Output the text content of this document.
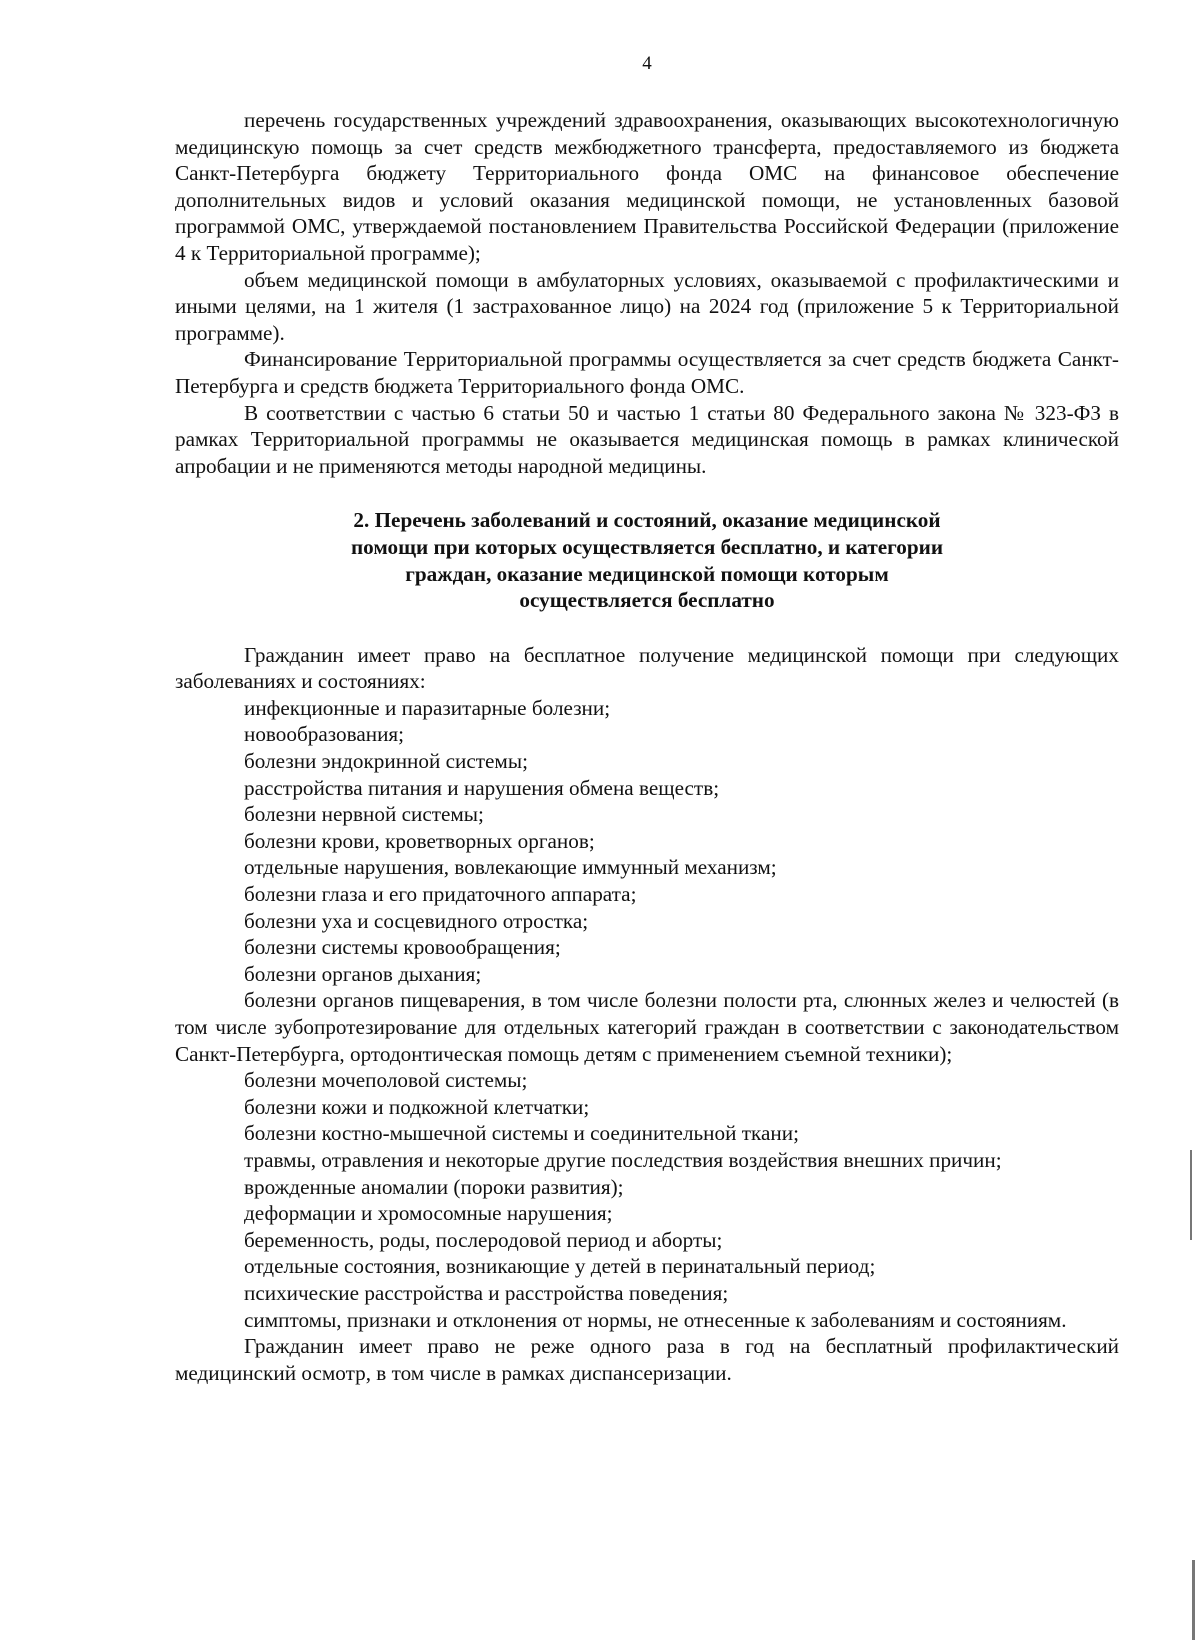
4

перечень государственных учреждений здравоохранения, оказывающих высокотехнологичную медицинскую помощь за счет средств межбюджетного трансферта, предоставляемого из бюджета Санкт-Петербурга бюджету Территориального фонда ОМС на финансовое обеспечение дополнительных видов и условий оказания медицинской помощи, не установленных базовой программой ОМС, утверждаемой постановлением Правительства Российской Федерации (приложение 4 к Территориальной программе);

объем медицинской помощи в амбулаторных условиях, оказываемой с профилактическими и иными целями, на 1 жителя (1 застрахованное лицо) на 2024 год (приложение 5 к Территориальной программе).

Финансирование Территориальной программы осуществляется за счет средств бюджета Санкт-Петербурга и средств бюджета Территориального фонда ОМС.

В соответствии с частью 6 статьи 50 и частью 1 статьи 80 Федерального закона № 323-ФЗ в рамках Территориальной программы не оказывается медицинская помощь в рамках клинической апробации и не применяются методы народной медицины.

2. Перечень заболеваний и состояний, оказание медицинской
помощи при которых осуществляется бесплатно, и категории
граждан, оказание медицинской помощи которым
осуществляется бесплатно

Гражданин имеет право на бесплатное получение медицинской помощи при следующих заболеваниях и состояниях:

инфекционные и паразитарные болезни;
новообразования;
болезни эндокринной системы;
расстройства питания и нарушения обмена веществ;
болезни нервной системы;
болезни крови, кроветворных органов;
отдельные нарушения, вовлекающие иммунный механизм;
болезни глаза и его придаточного аппарата;
болезни уха и сосцевидного отростка;
болезни системы кровообращения;
болезни органов дыхания;
болезни органов пищеварения, в том числе болезни полости рта, слюнных желез и челюстей (в том числе зубопротезирование для отдельных категорий граждан в соответствии с законодательством Санкт-Петербурга, ортодонтическая помощь детям с применением съемной техники);
болезни мочеполовой системы;
болезни кожи и подкожной клетчатки;
болезни костно-мышечной системы и соединительной ткани;
травмы, отравления и некоторые другие последствия воздействия внешних причин;
врожденные аномалии (пороки развития);
деформации и хромосомные нарушения;
беременность, роды, послеродовой период и аборты;
отдельные состояния, возникающие у детей в перинатальный период;
психические расстройства и расстройства поведения;
симптомы, признаки и отклонения от нормы, не отнесенные к заболеваниям и состояниям.

Гражданин имеет право не реже одного раза в год на бесплатный профилактический медицинский осмотр, в том числе в рамках диспансеризации.
